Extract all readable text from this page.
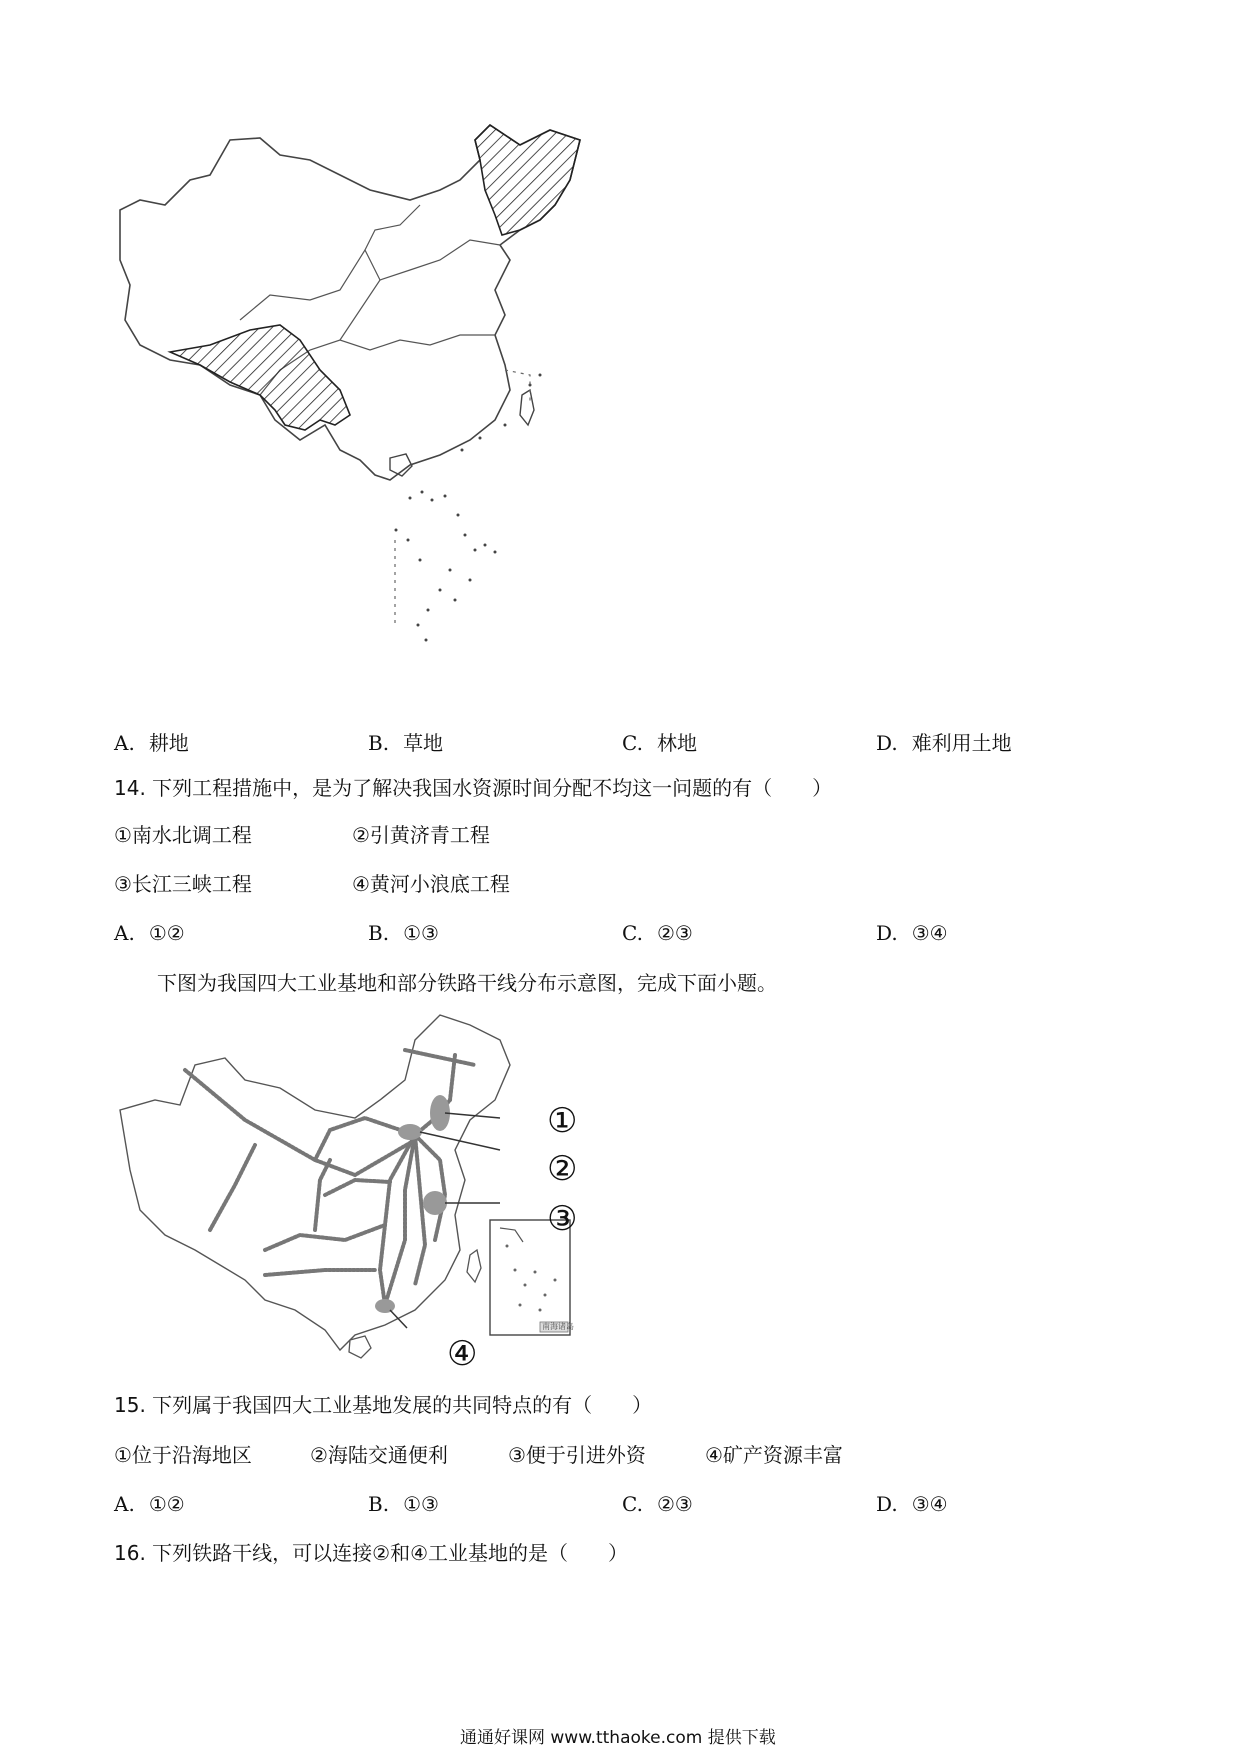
A. 耕地	B. 草地	C. 林地	D. 难利用土地
14. 下列工程措施中，是为了解决我国水资源时间分配不均这一问题的有（　　）
①南水北调工程	②引黄济青工程
③长江三峡工程	④黄河小浪底工程
A. ①②	B. ①③	C. ②③	D. ③④
下图为我国四大工业基地和部分铁路干线分布示意图，完成下面小题。
①
②
③
④
南海诸岛
15. 下列属于我国四大工业基地发展的共同特点的有（　　）
①位于沿海地区	②海陆交通便利	③便于引进外资	④矿产资源丰富
A. ①②	B. ①③	C. ②③	D. ③④
16. 下列铁路干线，可以连接②和④工业基地的是（　　）
通通好课网 www.tthaoke.com 提供下载
